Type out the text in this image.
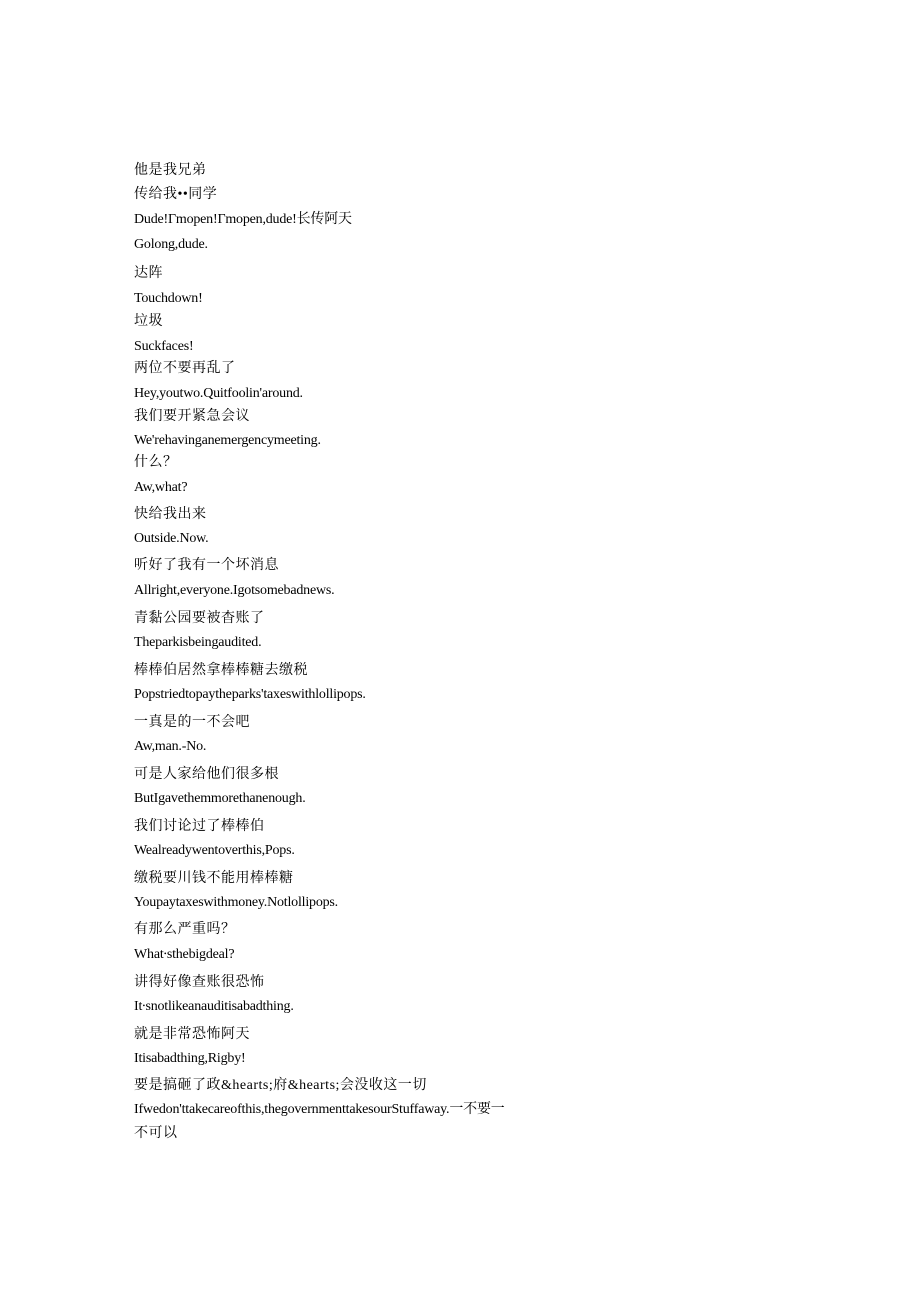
他是我兄弟
传给我••同学
Dude!Γmopen!Γmopen,dude!长传阿天
Golong,dude.
达阵
Touchdown!
垃圾
Suckfaces!
两位不要再乱了
Hey,youtwo.Quitfoolin'around.
我们要开紧急会议
We'rehavinganemergencymeeting.
什么？
Aw,what?
快给我出来
Outside.Now.
听好了我有一个坏消息
Allright,everyone.Igotsomebadnews.
青黏公园要被杳账了
Theparkisbeingaudited.
棒棒伯居然拿棒棒糖去缴税
Popstriedtopaytheparks'taxeswithlollipops.
一真是的一不会吧
Aw,man.-No.
可是人家给他们很多根
ButIgavethemmorethanenough.
我们讨论过了棒棒伯
Wealreadywentoverthis,Pops.
缴税要川钱不能用棒棒糖
Youpaytaxeswithmoney.Notlollipops.
有那么严重吗？
What∙sthebigdeal?
讲得好像查账很恐怖
It∙snotlikeanauditisabadthing.
就是非常恐怖阿天
Itisabadthing,Rigby!
要是搞砸了政&hearts;府&hearts;会没收这一切
Ifwedon'ttakecareofthis,thegovernmenttakesourStuffaway.一不要一
不可以
